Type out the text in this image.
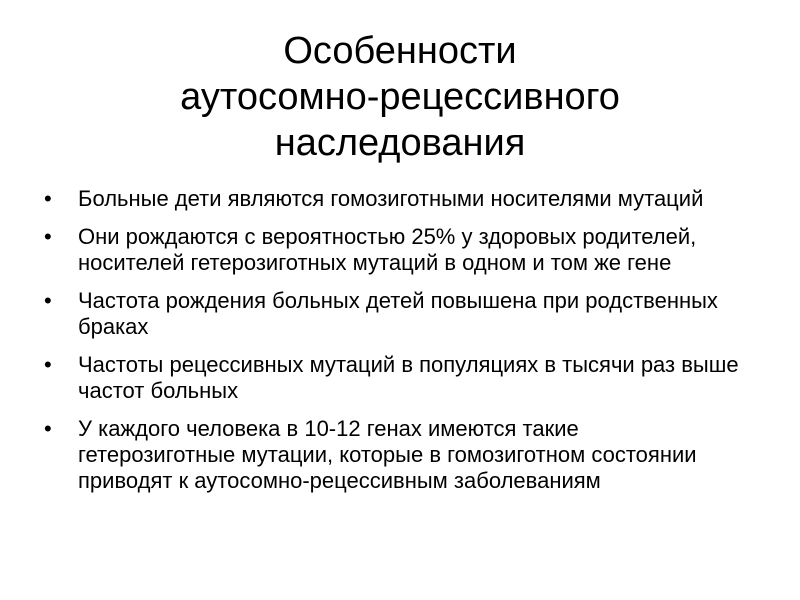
Особенности
аутосомно-рецессивного
наследования
• Больные дети являются гомозиготными носителями мутаций
• Они рождаются с вероятностью 25% у здоровых родителей, носителей гетерозиготных мутаций в одном и том же гене
• Частота рождения больных детей повышена при родственных браках
• Частоты рецессивных мутаций в популяциях в тысячи раз выше частот больных
• У каждого человека в 10-12 генах имеются такие гетерозиготные мутации, которые в гомозиготном состоянии приводят к аутосомно-рецессивным заболеваниям
